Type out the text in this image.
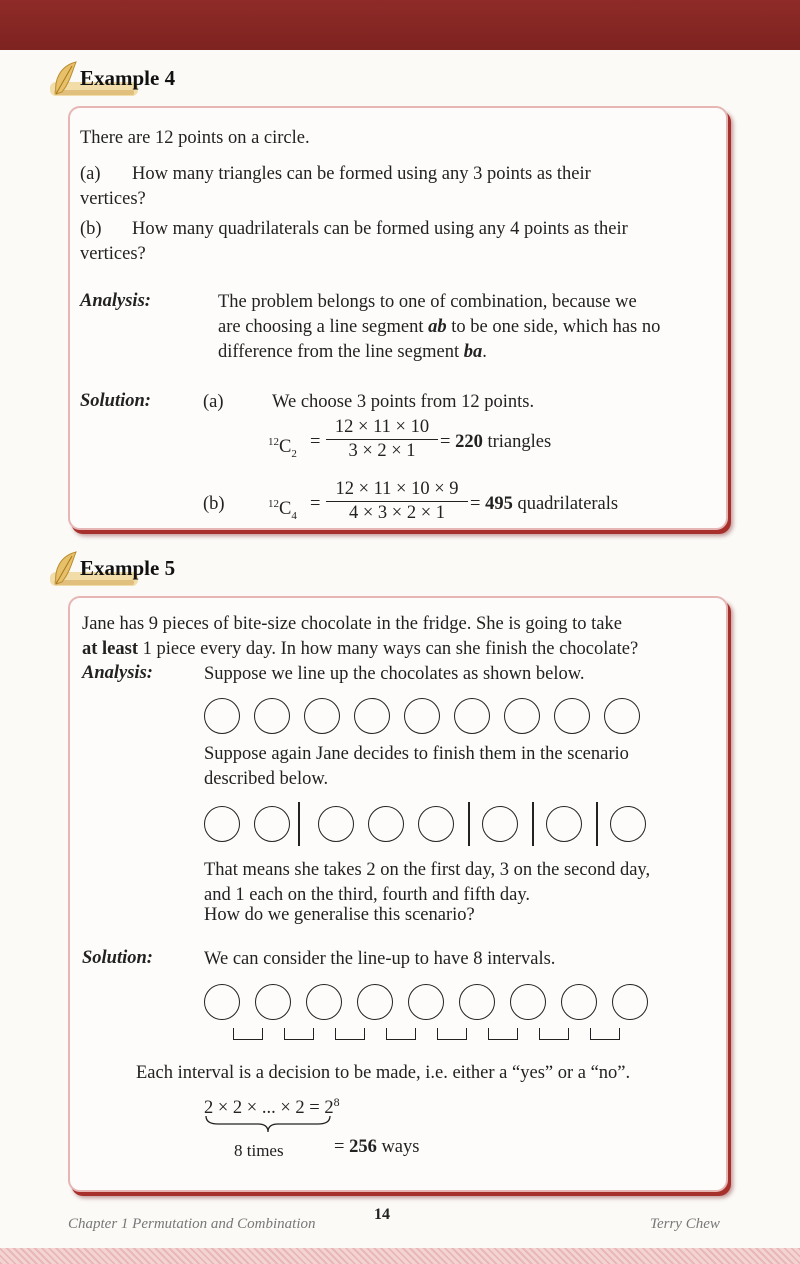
Example 4
There are 12 points on a circle.
(a) How many triangles can be formed using any 3 points as their
vertices?
(b) How many quadrilaterals can be formed using any 4 points as their
vertices?
Analysis:	The problem belongs to one of combination, because we
are choosing a line segment ab to be one side, which has no
difference from the line segment ba.
Solution:	(a)	We choose 3 points from 12 points.
$^{12}C_2$
= $\frac{12 \times 11 \times 10}{3 \times 2 \times 1} = 220$ triangles
(b)	$^{12}C_4$
= $\frac{12 \times 11 \times 10 \times 9}{4 \times 3 \times 2 \times 1} = 495$ quadrilaterals
Example 5
Jane has 9 pieces of bite-size chocolate in the fridge. She is going to take
at least 1 piece every day. In how many ways can she finish the chocolate?
Analysis:	Suppose we line up the chocolates as shown below.
Suppose again Jane decides to finish them in the scenario
described below.
That means she takes 2 on the first day, 3 on the second day,
and 1 each on the third, fourth and fifth day.
How do we generalise this scenario?
Solution:	We can consider the line-up to have 8 intervals.
Each interval is a decision to be made, i.e. either a “yes” or a “no”.
2 × 2 × ... × $2 = 2^8$
8 times	= 256 ways
Chapter 1 Permutation and Combination
14
Terry Chew
